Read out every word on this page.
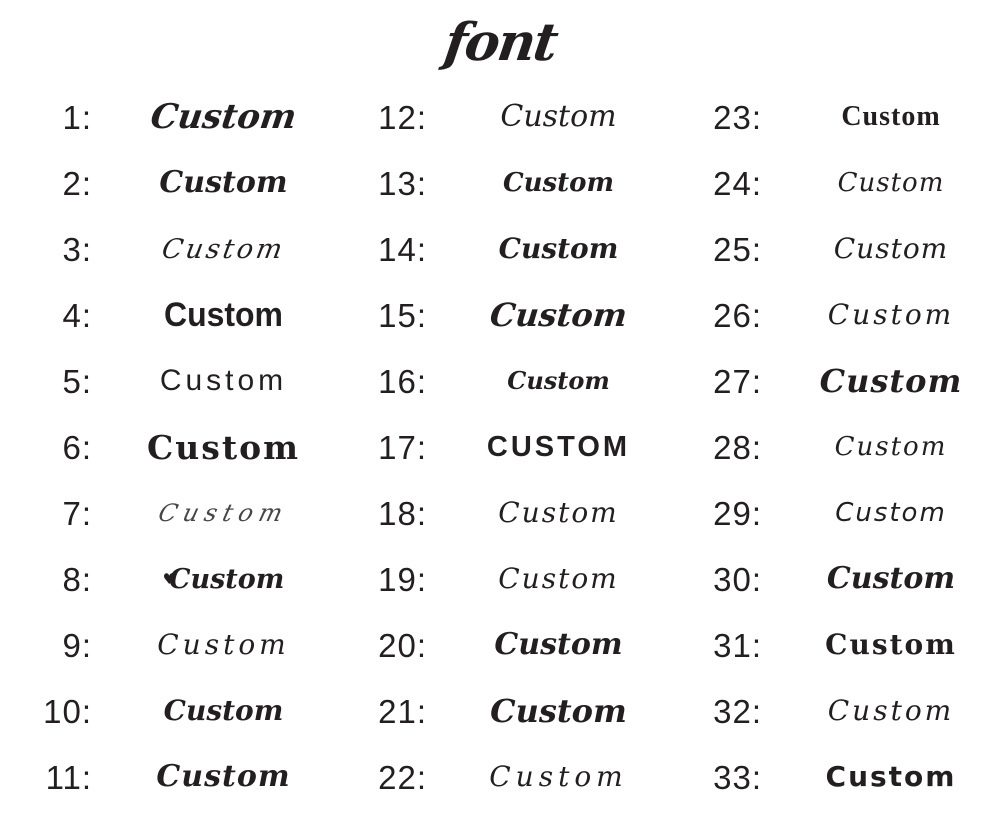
font
1:	Custom
2:	Custom
3:	Custom
4:	Custom
5:	Custom
6:	Custom
7:	Custom
8:	♥ Custom
9:	Custom
10:	Custom
11:	Custom
12:	Custom
13:	Custom
14:	Custom
15:	Custom
16:	Custom
17:	CUSTOM
18:	Custom
19:	Custom
20:	Custom
21:	Custom
22:	Custom
23:	Custom
24:	Custom
25:	Custom
26:	Custom
27:	Custom
28:	Custom
29:	Custom
30:	Custom
31:	Custom
32:	Custom
33:	Custom
